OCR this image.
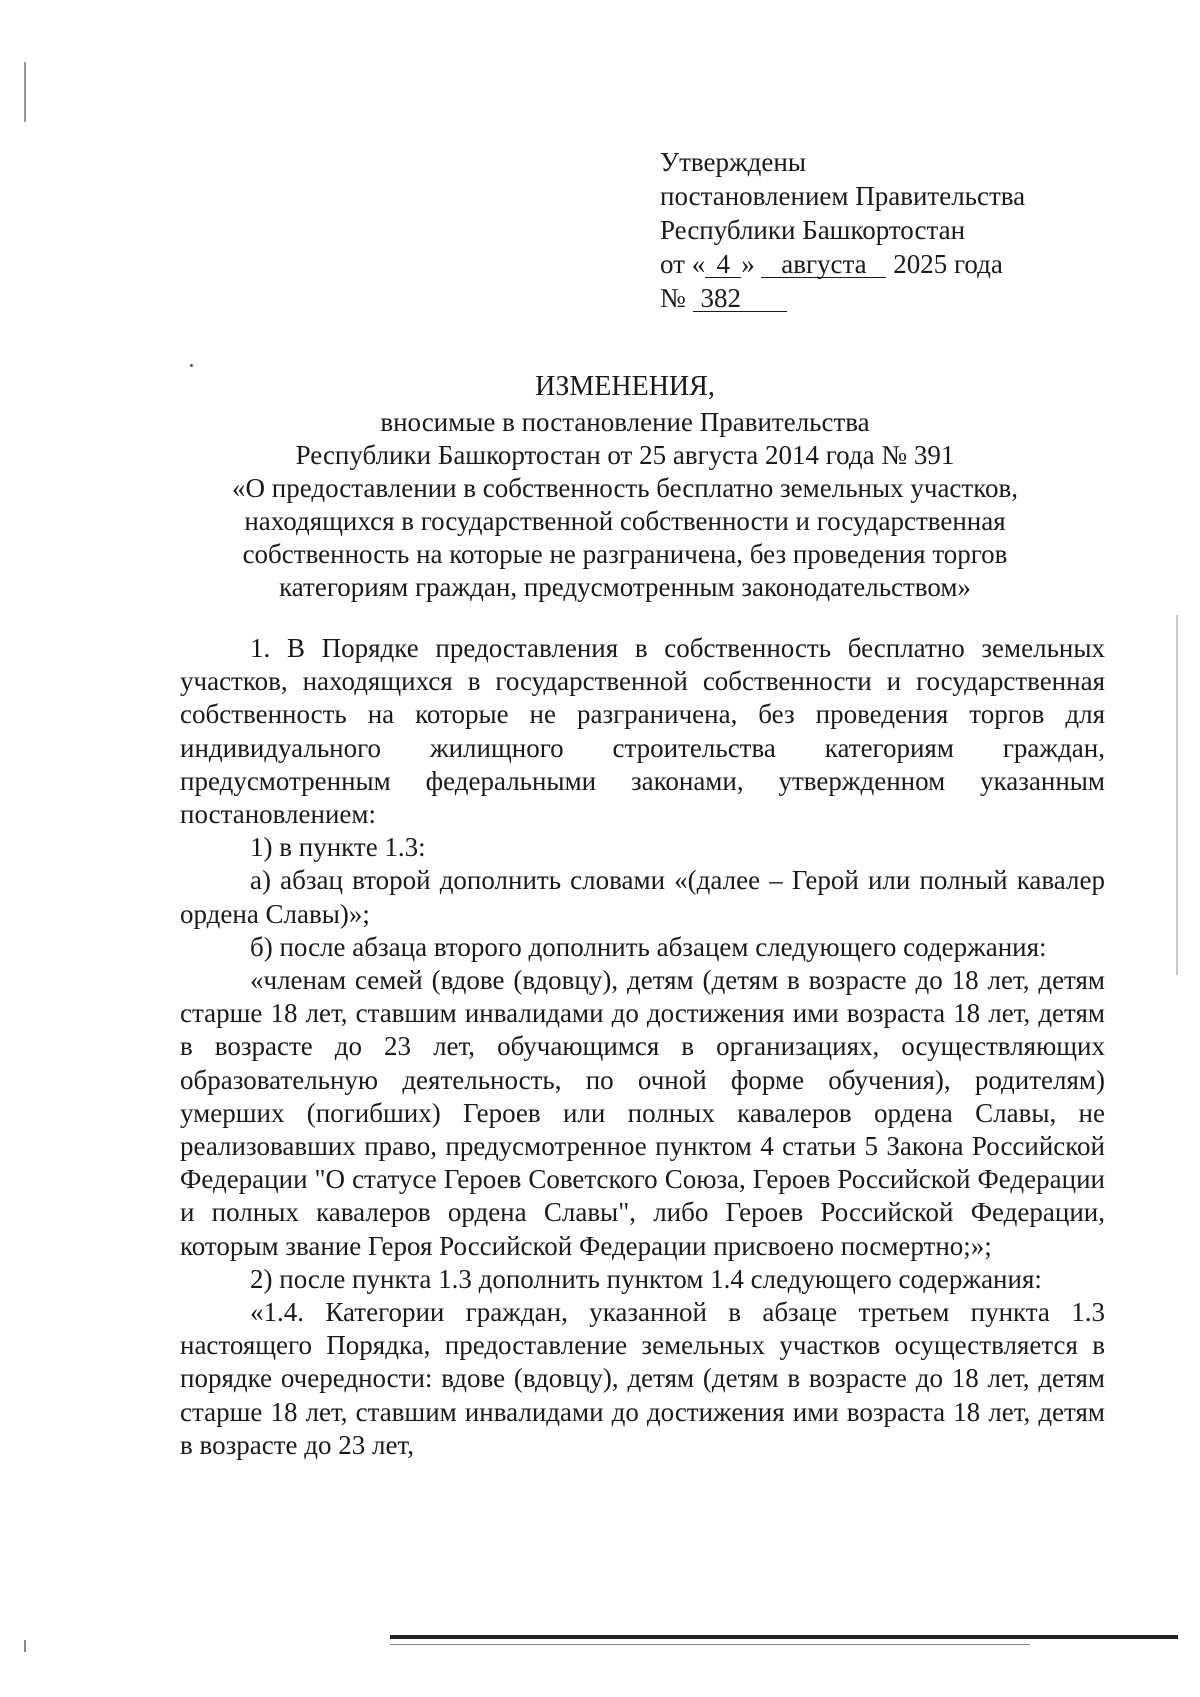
Утверждены
постановлением Правительства
Республики Башкортостан
от « 4 » августа 2025 года
№ 382
ИЗМЕНЕНИЯ,
вносимые в постановление Правительства
Республики Башкортостан от 25 августа 2014 года № 391
«О предоставлении в собственность бесплатно земельных участков,
находящихся в государственной собственности и государственная
собственность на которые не разграничена, без проведения торгов
категориям граждан, предусмотренным законодательством»

1. В Порядке предоставления в собственность бесплатно земельных участков, находящихся в государственной собственности и государственная собственность на которые не разграничена, без проведения торгов для индивидуального жилищного строительства категориям граждан, предусмотренным федеральными законами, утвержденном указанным постановлением:

1) в пункте 1.3:

а) абзац второй дополнить словами «(далее – Герой или полный кавалер ордена Славы)»;

б) после абзаца второго дополнить абзацем следующего содержания:

«членам семей (вдове (вдовцу), детям (детям в возрасте до 18 лет, детям старше 18 лет, ставшим инвалидами до достижения ими возраста 18 лет, детям в возрасте до 23 лет, обучающимся в организациях, осуществляющих образовательную деятельность, по очной форме обучения), родителям) умерших (погибших) Героев или полных кавалеров ордена Славы, не реализовавших право, предусмотренное пунктом 4 статьи 5 Закона Российской Федерации "О статусе Героев Советского Союза, Героев Российской Федерации и полных кавалеров ордена Славы", либо Героев Российской Федерации, которым звание Героя Российской Федерации присвоено посмертно;»;

2) после пункта 1.3 дополнить пунктом 1.4 следующего содержания:

«1.4. Категории граждан, указанной в абзаце третьем пункта 1.3 настоящего Порядка, предоставление земельных участков осуществляется в порядке очередности: вдове (вдовцу), детям (детям в возрасте до 18 лет, детям старше 18 лет, ставшим инвалидами до достижения ими возраста 18 лет, детям в возрасте до 23 лет,
